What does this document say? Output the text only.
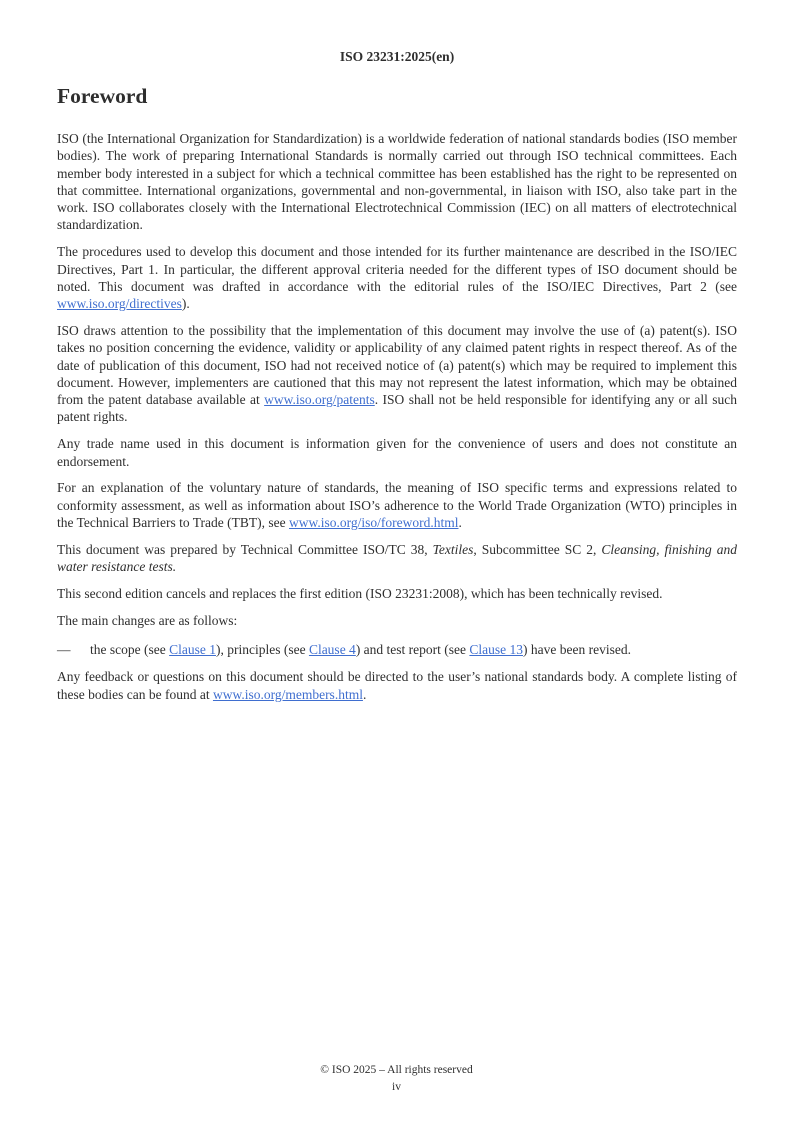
ISO 23231:2025(en)
Foreword

ISO (the International Organization for Standardization) is a worldwide federation of national standards bodies (ISO member bodies). The work of preparing International Standards is normally carried out through ISO technical committees. Each member body interested in a subject for which a technical committee has been established has the right to be represented on that committee. International organizations, governmental and non-governmental, in liaison with ISO, also take part in the work. ISO collaborates closely with the International Electrotechnical Commission (IEC) on all matters of electrotechnical standardization.

The procedures used to develop this document and those intended for its further maintenance are described in the ISO/IEC Directives, Part 1. In particular, the different approval criteria needed for the different types of ISO document should be noted. This document was drafted in accordance with the editorial rules of the ISO/IEC Directives, Part 2 (see www.iso.org/directives).

ISO draws attention to the possibility that the implementation of this document may involve the use of (a) patent(s). ISO takes no position concerning the evidence, validity or applicability of any claimed patent rights in respect thereof. As of the date of publication of this document, ISO had not received notice of (a) patent(s) which may be required to implement this document. However, implementers are cautioned that this may not represent the latest information, which may be obtained from the patent database available at www.iso.org/patents. ISO shall not be held responsible for identifying any or all such patent rights.

Any trade name used in this document is information given for the convenience of users and does not constitute an endorsement.

For an explanation of the voluntary nature of standards, the meaning of ISO specific terms and expressions related to conformity assessment, as well as information about ISO’s adherence to the World Trade Organization (WTO) principles in the Technical Barriers to Trade (TBT), see www.iso.org/iso/foreword.html.

This document was prepared by Technical Committee ISO/TC 38, Textiles, Subcommittee SC 2, Cleansing, finishing and water resistance tests.

This second edition cancels and replaces the first edition (ISO 23231:2008), which has been technically revised.

The main changes are as follows:

—	the scope (see Clause 1), principles (see Clause 4) and test report (see Clause 13) have been revised.

Any feedback or questions on this document should be directed to the user’s national standards body. A complete listing of these bodies can be found at www.iso.org/members.html.

© ISO 2025 – All rights reserved
iv
